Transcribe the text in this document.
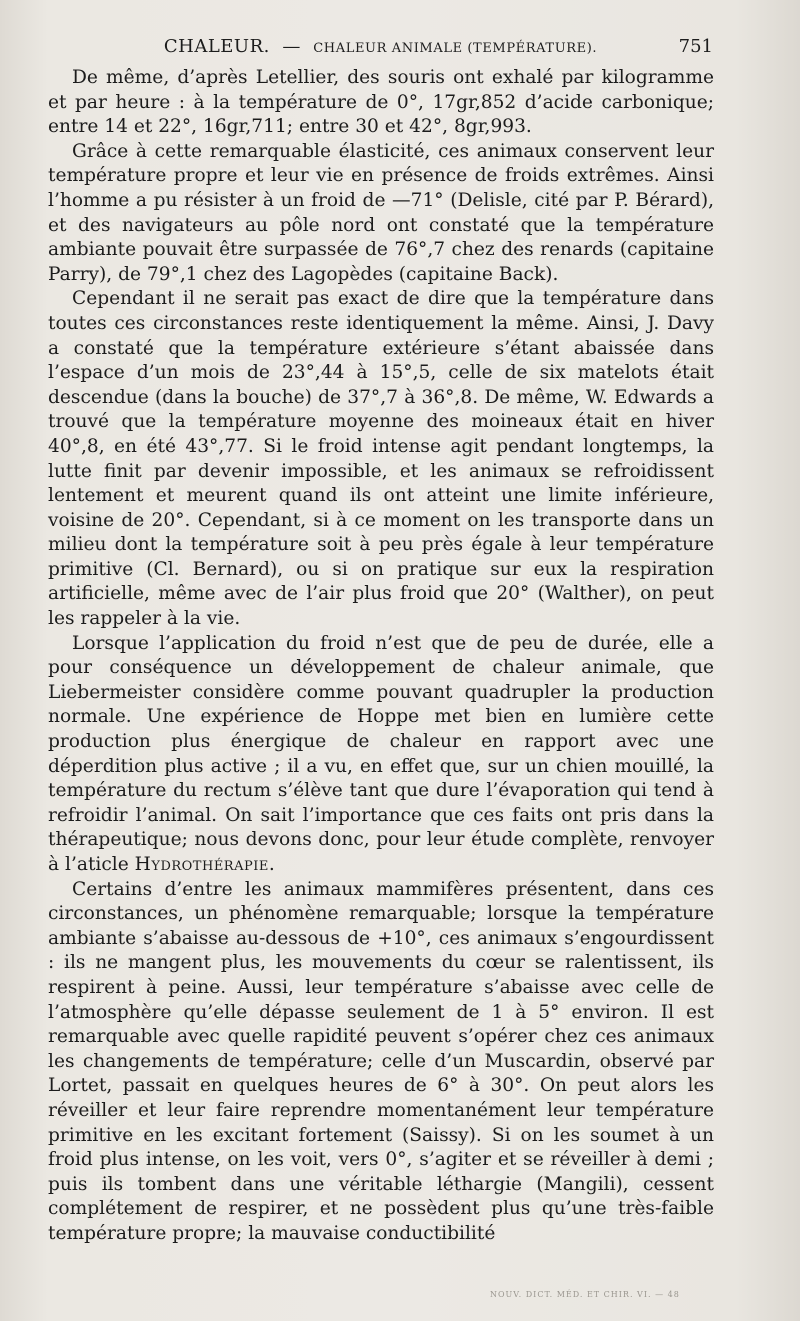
CHALEUR. — CHALEUR ANIMALE (TEMPÉRATURE).	751

De même, d’après Letellier, des souris ont exhalé par kilogramme et par heure : à la température de 0°, 17gr,852 d’acide carbonique; entre 14 et 22°, 16gr,711; entre 30 et 42°, 8gr,993.

Grâce à cette remarquable élasticité, ces animaux conservent leur température propre et leur vie en présence de froids extrêmes. Ainsi l’homme a pu résister à un froid de —71° (Delisle, cité par P. Bérard), et des navigateurs au pôle nord ont constaté que la température ambiante pouvait être surpassée de 76°,7 chez des renards (capitaine Parry), de 79°,1 chez des Lagopèdes (capitaine Back).

Cependant il ne serait pas exact de dire que la température dans toutes ces circonstances reste identiquement la même. Ainsi, J. Davy a constaté que la température extérieure s’étant abaissée dans l’espace d’un mois de 23°,44 à 15°,5, celle de six matelots était descendue (dans la bouche) de 37°,7 à 36°,8. De même, W. Edwards a trouvé que la température moyenne des moineaux était en hiver 40°,8, en été 43°,77. Si le froid intense agit pendant longtemps, la lutte finit par devenir impossible, et les animaux se refroidissent lentement et meurent quand ils ont atteint une limite inférieure, voisine de 20°. Cependant, si à ce moment on les transporte dans un milieu dont la température soit à peu près égale à leur température primitive (Cl. Bernard), ou si on pratique sur eux la respiration artificielle, même avec de l’air plus froid que 20° (Walther), on peut les rappeler à la vie.

Lorsque l’application du froid n’est que de peu de durée, elle a pour conséquence un développement de chaleur animale, que Liebermeister considère comme pouvant quadrupler la production normale. Une expérience de Hoppe met bien en lumière cette production plus énergique de chaleur en rapport avec une déperdition plus active ; il a vu, en effet que, sur un chien mouillé, la température du rectum s’élève tant que dure l’évaporation qui tend à refroidir l’animal. On sait l’importance que ces faits ont pris dans la thérapeutique; nous devons donc, pour leur étude complète, renvoyer à l’aticle Hydrothérapie.

Certains d’entre les animaux mammifères présentent, dans ces circonstances, un phénomène remarquable; lorsque la température ambiante s’abaisse au-dessous de +10°, ces animaux s’engourdissent : ils ne mangent plus, les mouvements du cœur se ralentissent, ils respirent à peine. Aussi, leur température s’abaisse avec celle de l’atmosphère qu’elle dépasse seulement de 1 à 5° environ. Il est remarquable avec quelle rapidité peuvent s’opérer chez ces animaux les changements de température; celle d’un Muscardin, observé par Lortet, passait en quelques heures de 6° à 30°. On peut alors les réveiller et leur faire reprendre momentanément leur température primitive en les excitant fortement (Saissy). Si on les soumet à un froid plus intense, on les voit, vers 0°, s’agiter et se réveiller à demi ; puis ils tombent dans une véritable léthargie (Mangili), cessent complétement de respirer, et ne possèdent plus qu’une très-faible température propre; la mauvaise conductibilité

NOUV. DICT. MÉD. ET CHIR. VI. — 48
